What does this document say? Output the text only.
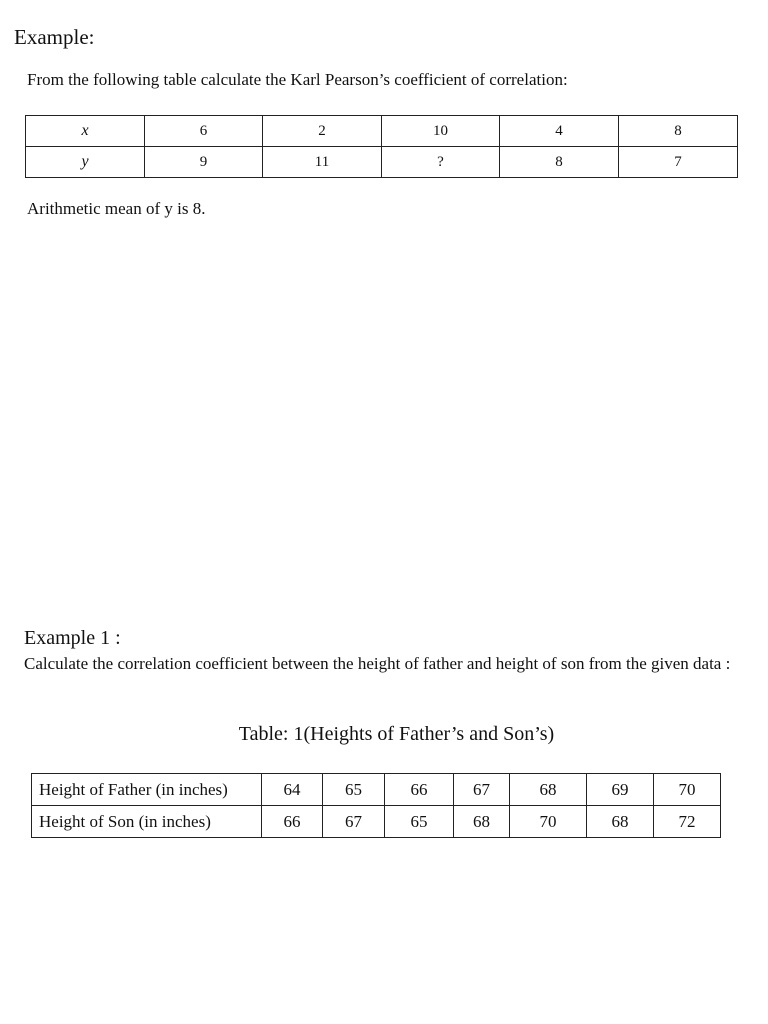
Example:
From the following table calculate the Karl Pearson’s coefficient of correlation:
x	6	2	10	4	8
y	9	11	?	8	7
Arithmetic mean of y is 8.
Example 1 :
Calculate the correlation coefficient between the height of father and height of son from the given data :
Table: 1(Heights of Father’s and Son’s)
Height of Father (in inches)	64	65	66	67	68	69	70
Height of Son (in inches)	66	67	65	68	70	68	72
